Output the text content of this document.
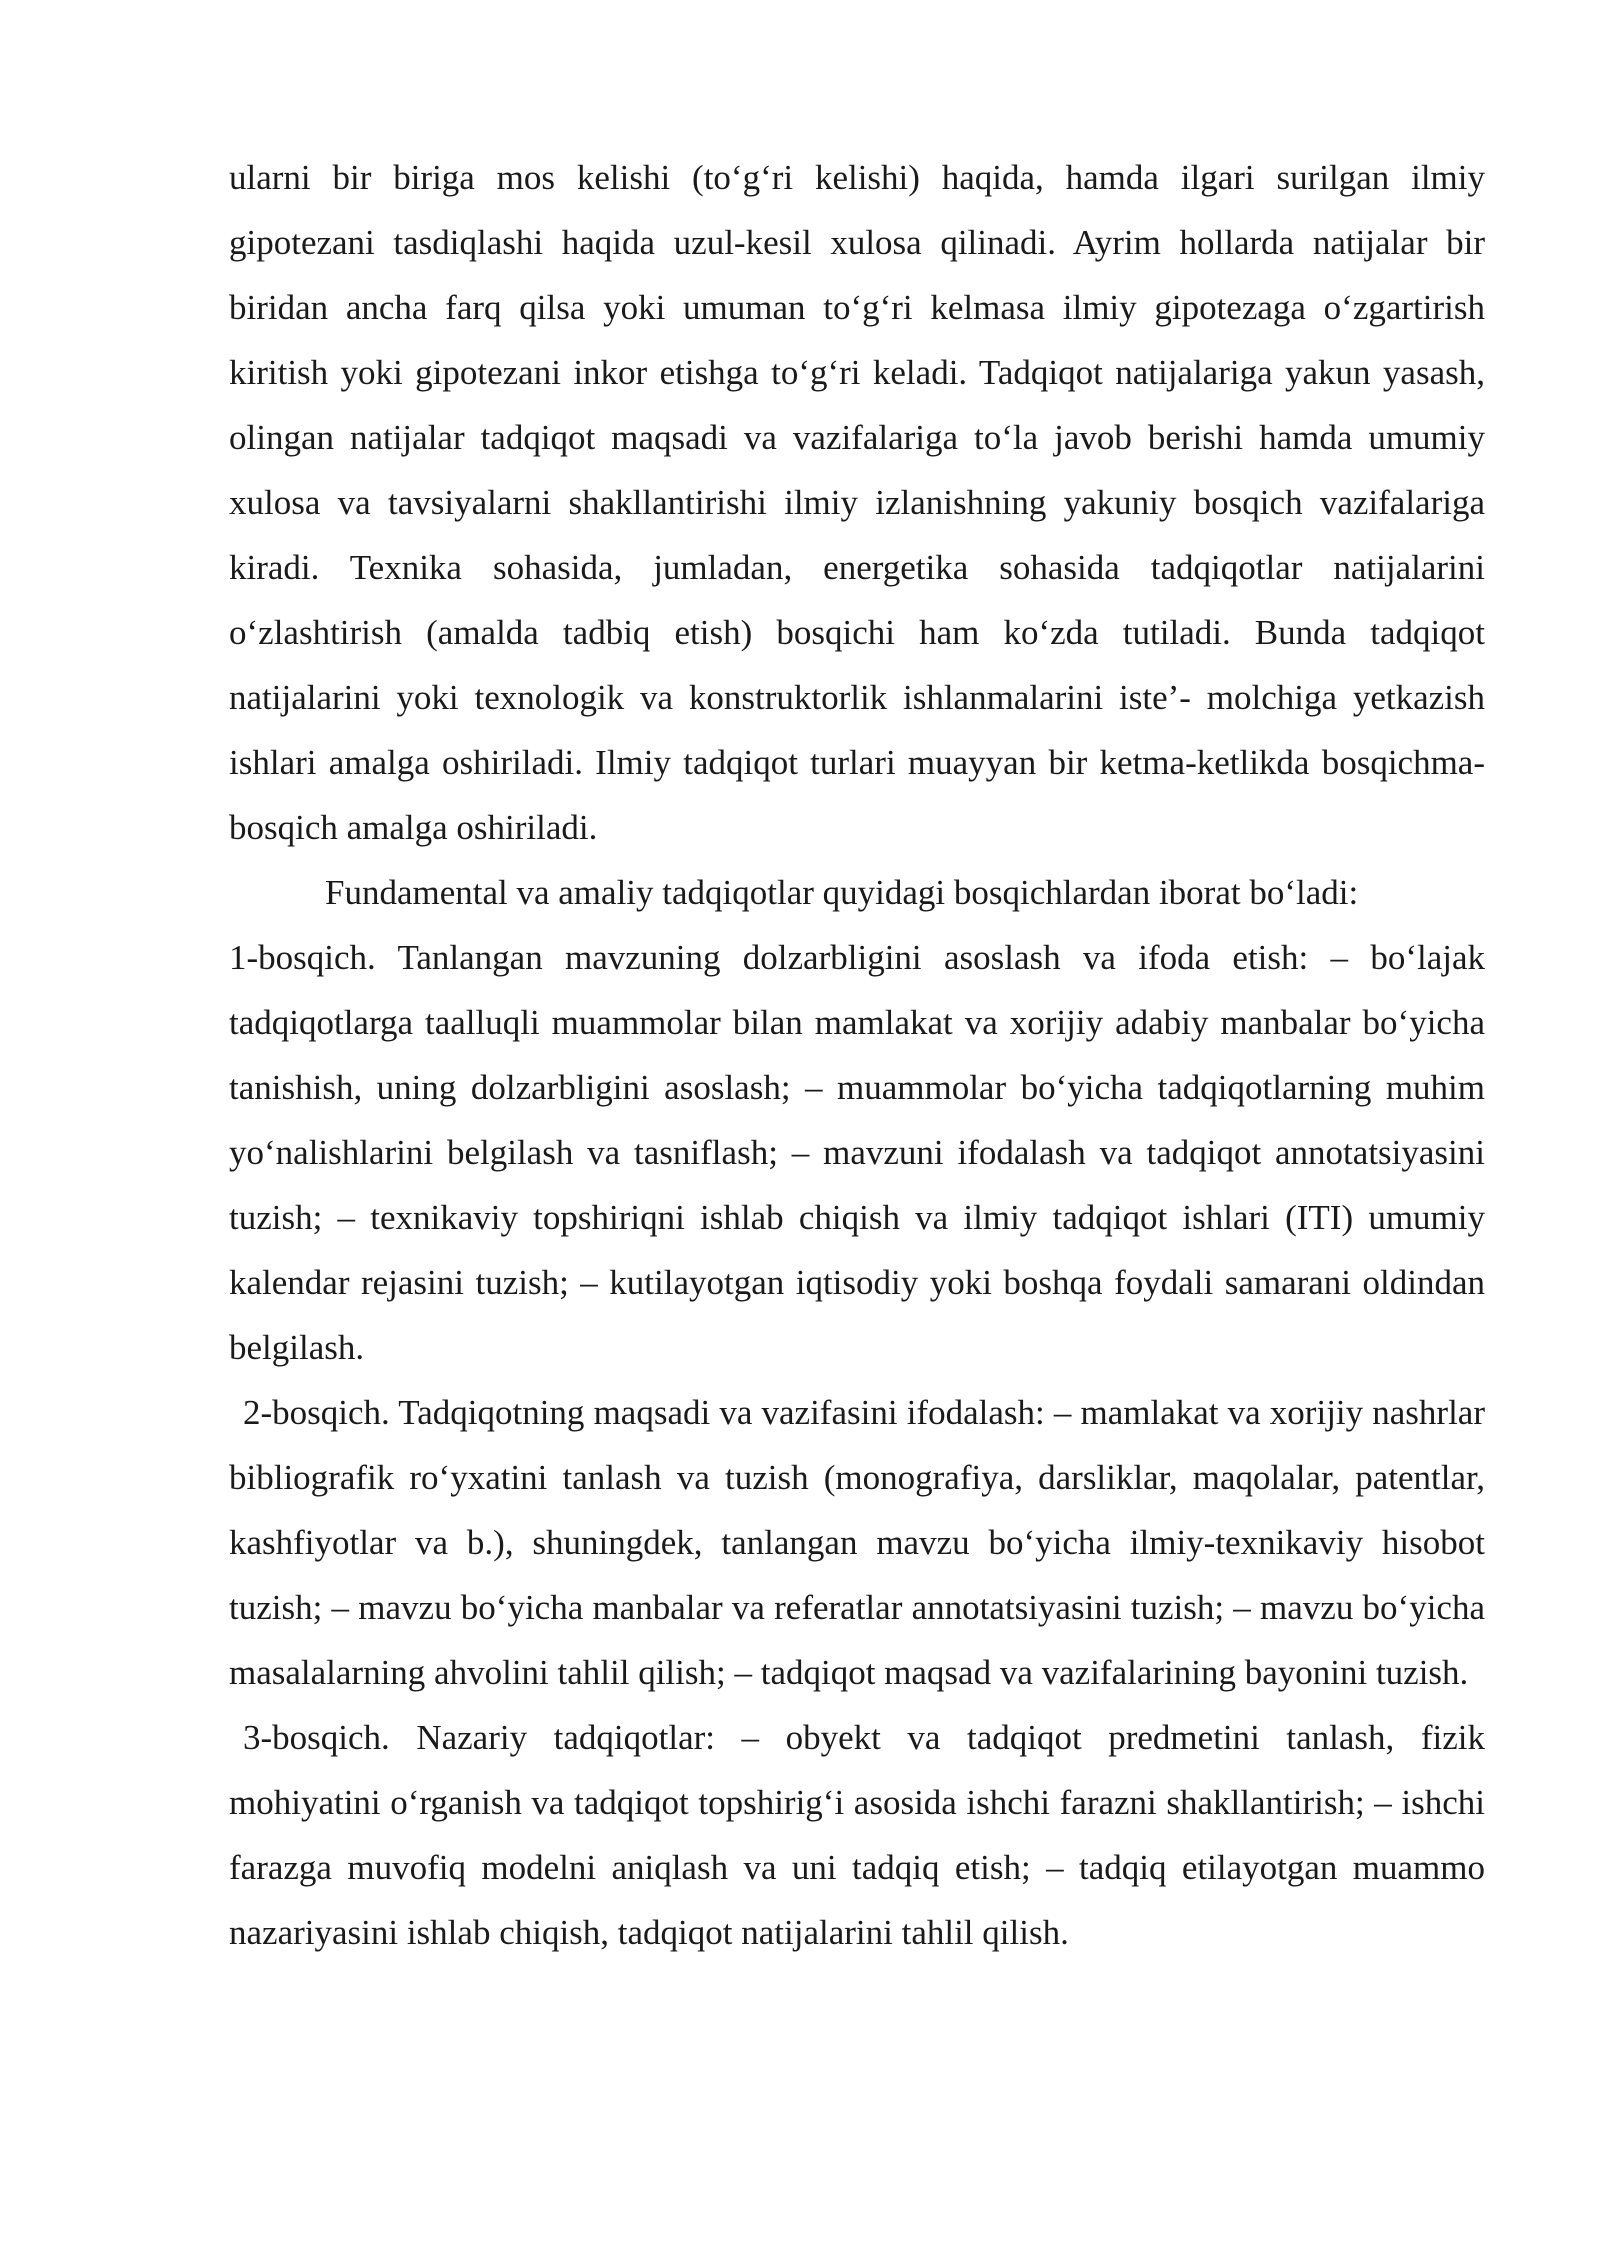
ularni bir biriga mos kelishi (to‘g‘ri kelishi) haqida, hamda ilgari surilgan ilmiy gipotezani tasdiqlashi haqida uzul-kesil xulosa qilinadi. Ayrim hollarda natijalar bir biridan ancha farq qilsa yoki umuman to‘g‘ri kelmasa ilmiy gipotezaga o‘zgartirish kiritish yoki gipotezani inkor etishga to‘g‘ri keladi. Tadqiqot natijalariga yakun yasash, olingan natijalar tadqiqot maqsadi va vazifalariga to‘la javob berishi hamda umumiy xulosa va tavsiyalarni shakllantirishi ilmiy izlanishning yakuniy bosqich vazifalariga kiradi. Texnika sohasida, jumladan, energetika sohasida tadqiqotlar natijalarini o‘zlashtirish (amalda tadbiq etish) bosqichi ham ko‘zda tutiladi. Bunda tadqiqot natijalarini yoki texnologik va konstruktorlik ishlanmalarini iste’- molchiga yetkazish ishlari amalga oshiriladi. Ilmiy tadqiqot turlari muayyan bir ketma-ketlikda bosqichma-bosqich amalga oshiriladi.

Fundamental va amaliy tadqiqotlar quyidagi bosqichlardan iborat bo‘ladi:

1-bosqich. Tanlangan mavzuning dolzarbligini asoslash va ifoda etish: – bo‘lajak tadqiqotlarga taalluqli muammolar bilan mamlakat va xorijiy adabiy manbalar bo‘yicha tanishish, uning dolzarbligini asoslash; – muammolar bo‘yicha tadqiqotlarning muhim yo‘nalishlarini belgilash va tasniflash; – mavzuni ifodalash va tadqiqot annotatsiyasini tuzish; – texnikaviy topshiriqni ishlab chiqish va ilmiy tadqiqot ishlari (ITI) umumiy kalendar rejasini tuzish; – kutilayotgan iqtisodiy yoki boshqa foydali samarani oldindan belgilash.

2-bosqich. Tadqiqotning maqsadi va vazifasini ifodalash: – mamlakat va xorijiy nashrlar bibliografik ro‘yxatini tanlash va tuzish (monografiya, darsliklar, maqolalar, patentlar, kashfiyotlar va b.), shuningdek, tanlangan mavzu bo‘yicha ilmiy-texnikaviy hisobot tuzish; – mavzu bo‘yicha manbalar va referatlar annotatsiyasini tuzish; – mavzu bo‘yicha masalalarning ahvolini tahlil qilish; – tadqiqot maqsad va vazifalarining bayonini tuzish.

3-bosqich. Nazariy tadqiqotlar: – obyekt va tadqiqot predmetini tanlash, fizik mohiyatini o‘rganish va tadqiqot topshirig‘i asosida ishchi farazni shakllantirish; – ishchi farazga muvofiq modelni aniqlash va uni tadqiq etish; – tadqiq etilayotgan muammo nazariyasini ishlab chiqish, tadqiqot natijalarini tahlil qilish.
